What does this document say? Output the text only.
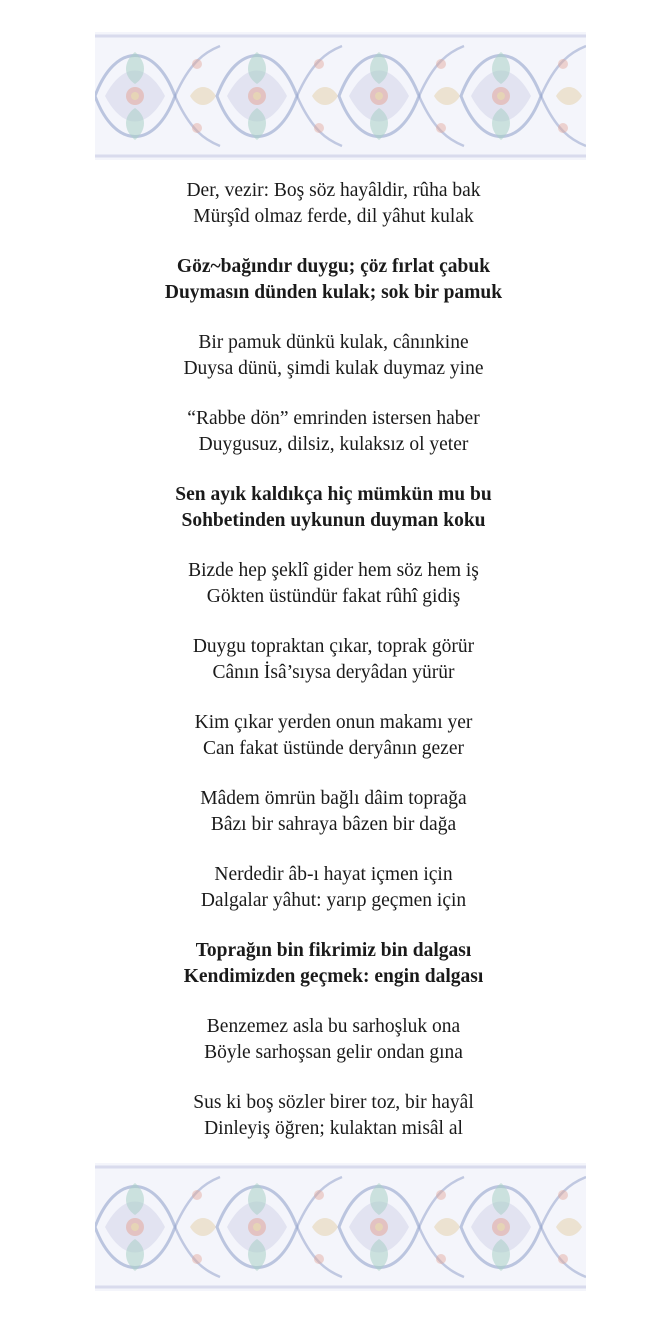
Der, vezir: Boş söz hayâldir, rûha bak
Mürşîd olmaz ferde, dil yâhut kulak
Göz~bağındır duygu; çöz fırlat çabuk
Duymasın dünden kulak; sok bir pamuk
Bir pamuk dünkü kulak, cânınkine
Duysa dünü, şimdi kulak duymaz yine
“Rabbe dön” emrinden istersen haber
Duygusuz, dilsiz, kulaksız ol yeter
Sen ayık kaldıkça hiç mümkün mu bu
Sohbetinden uykunun duyman koku
Bizde hep şeklî gider hem söz hem iş
Gökten üstündür fakat rûhî gidiş
Duygu topraktan çıkar, toprak görür
Cânın İsâ’sıysa deryâdan yürür
Kim çıkar yerden onun makamı yer
Can fakat üstünde deryânın gezer
Mâdem ömrün bağlı dâim toprağa
Bâzı bir sahraya bâzen bir dağa
Nerdedir âb-ı hayat içmen için
Dalgalar yâhut: yarıp geçmen için
Toprağın bin fikrimiz bin dalgası
Kendimizden geçmek: engin dalgası
Benzemez asla bu sarhoşluk ona
Böyle sarhoşsan gelir ondan gına
Sus ki boş sözler birer toz, bir hayâl
Dinleyiş öğren; kulaktan misâl al
